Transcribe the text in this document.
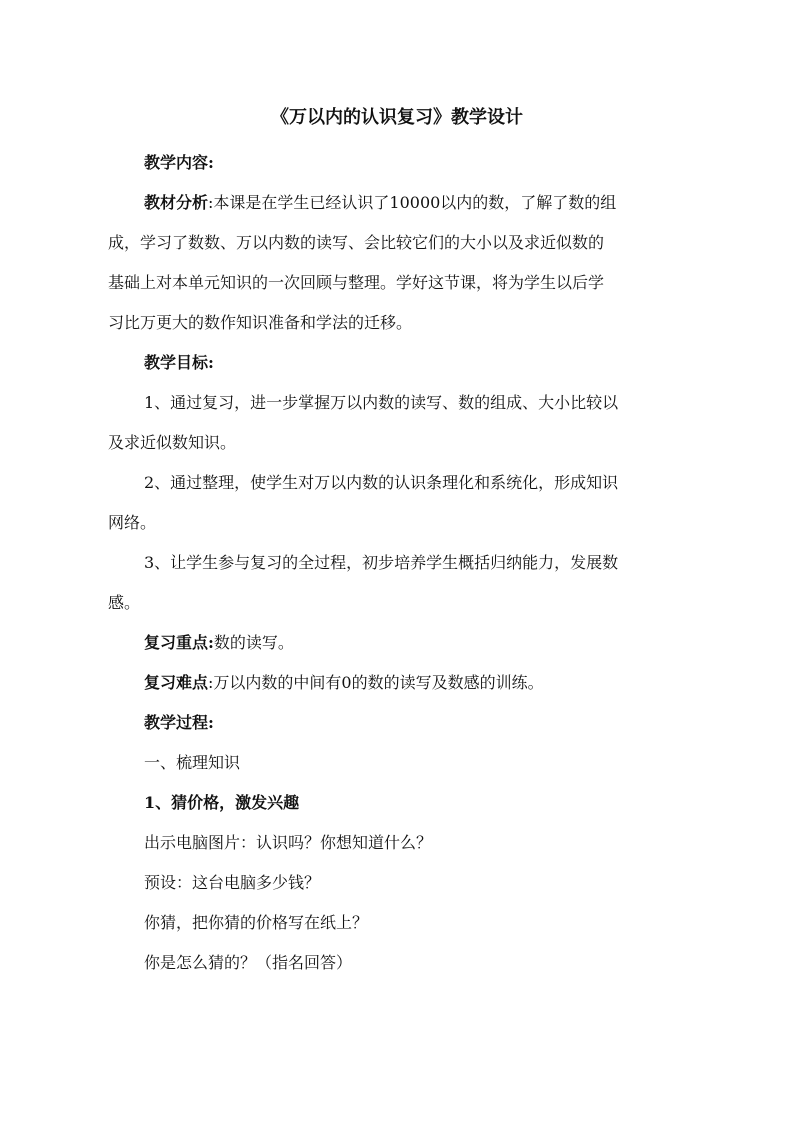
《万以内的认识复习》教学设计
教学内容:
教材分析:本课是在学生已经认识了10000以内的数，了解了数的组
成，学习了数数、万以内数的读写、会比较它们的大小以及求近似数的
基础上对本单元知识的一次回顾与整理。学好这节课，将为学生以后学
习比万更大的数作知识准备和学法的迁移。
教学目标:
1、通过复习，进一步掌握万以内数的读写、数的组成、大小比较以
及求近似数知识。
2、通过整理，使学生对万以内数的认识条理化和系统化，形成知识
网络。
3、让学生参与复习的全过程，初步培养学生概括归纳能力，发展数
感。
复习重点:数的读写。
复习难点:万以内数的中间有0的数的读写及数感的训练。
教学过程:
一、梳理知识
1、猜价格，激发兴趣
出示电脑图片：认识吗？你想知道什么？
预设：这台电脑多少钱？
你猜，把你猜的价格写在纸上？
你是怎么猜的？（指名回答）
